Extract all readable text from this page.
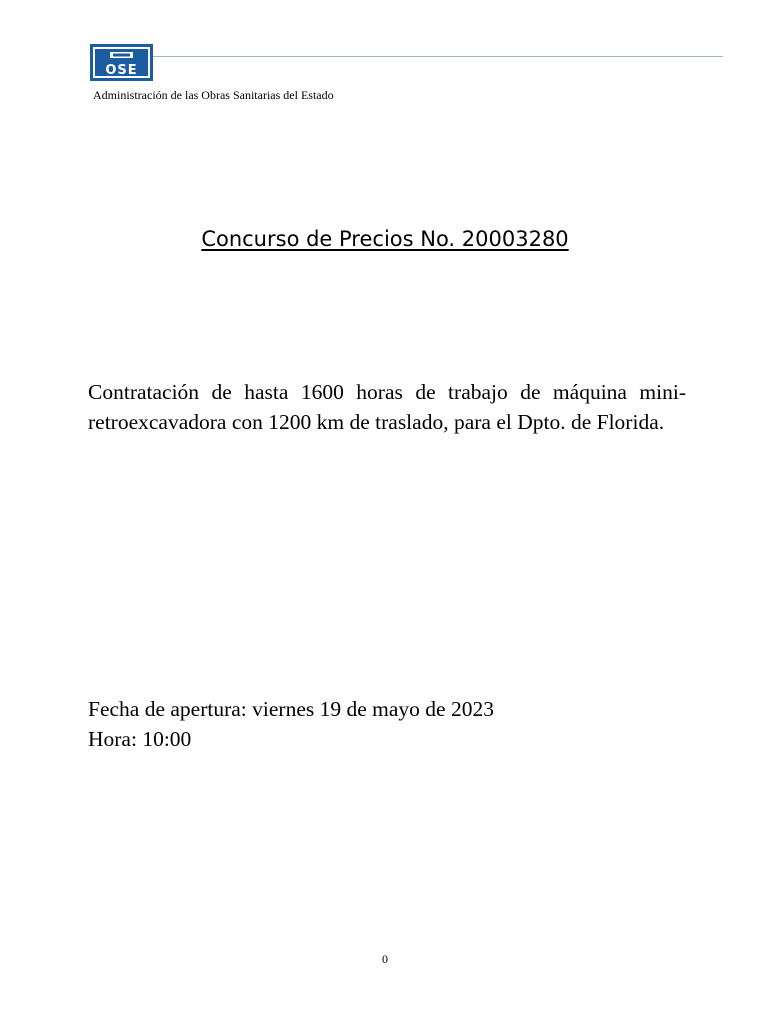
OSE
Administración de las Obras Sanitarias del Estado
Concurso de Precios No. 20003280

Contratación de hasta 1600 horas de trabajo de máquina mini-retroexcavadora con 1200 km de traslado, para el Dpto. de Florida.

Fecha de apertura: viernes 19 de mayo de 2023
Hora: 10:00
0
